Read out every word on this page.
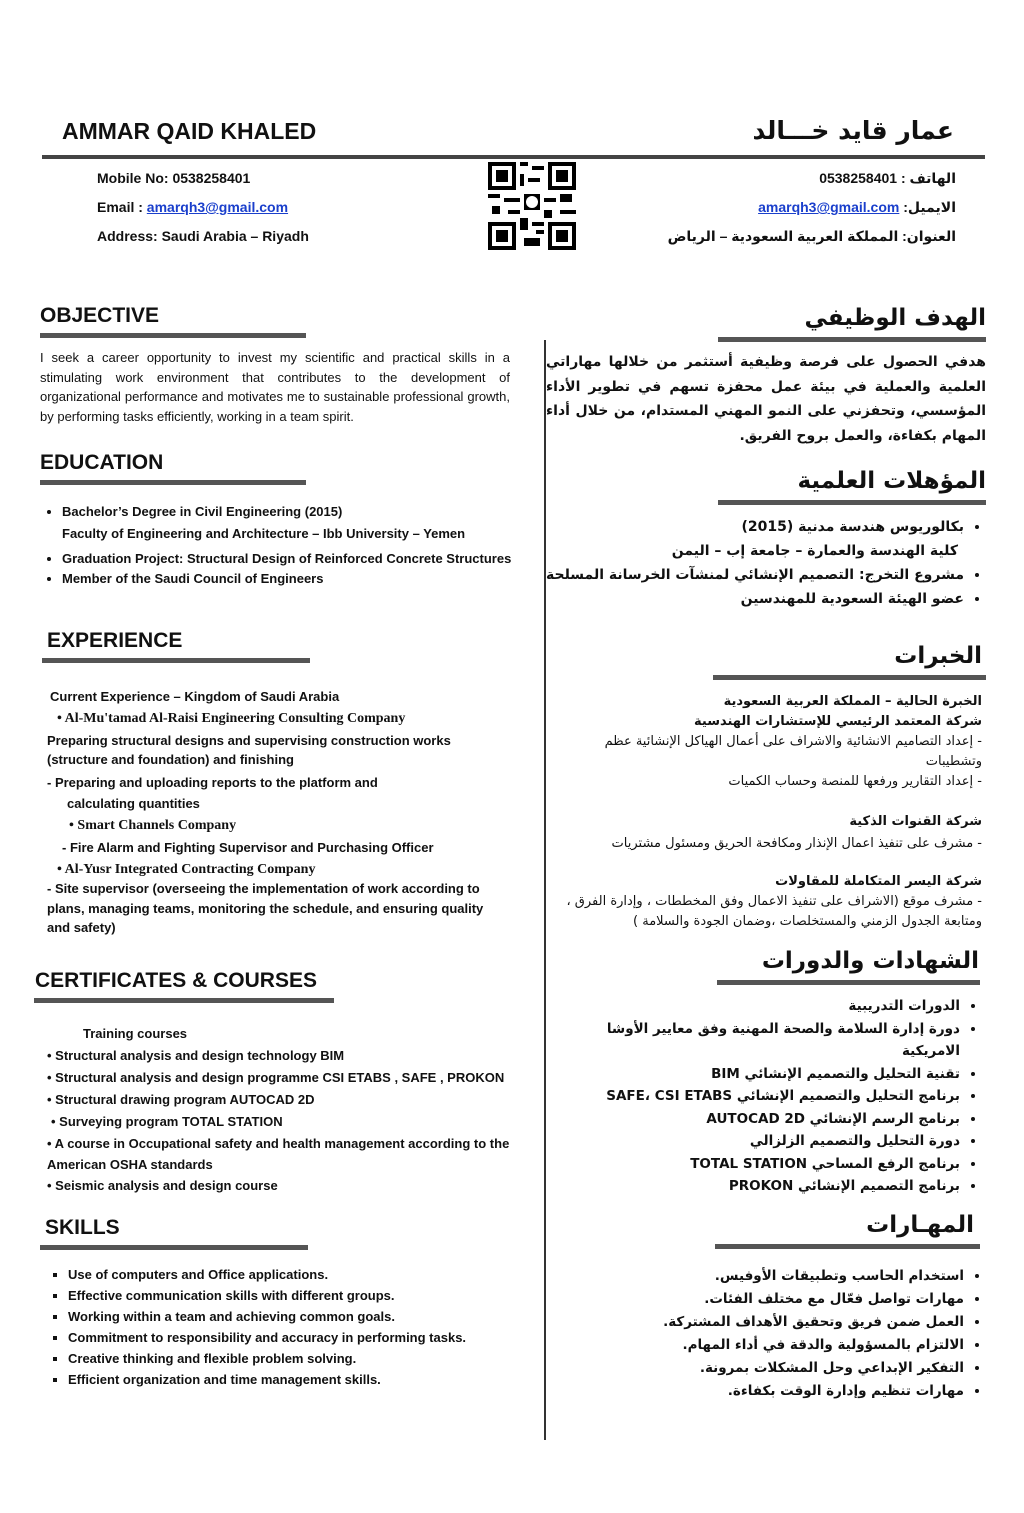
AMMAR QAID KHALED	عمار قايد خـــالد
Mobile No: 0538258401
Email : amarqh3@gmail.com
Address: Saudi Arabia – Riyadh
الهاتف : 0538258401
الايميل: amarqh3@gmail.com
العنوان: المملكة العربية السعودية – الرياض
OBJECTIVE
I seek a career opportunity to invest my scientific and practical skills in a stimulating work environment that contributes to the development of organizational performance and motivates me to sustainable professional growth, by performing tasks efficiently, working in a team spirit.
EDUCATION
• Bachelor’s Degree in Civil Engineering (2015)
Faculty of Engineering and Architecture – Ibb University – Yemen
• Graduation Project: Structural Design of Reinforced Concrete Structures
• Member of the Saudi Council of Engineers
EXPERIENCE
Current Experience – Kingdom of Saudi Arabia
• Al-Mu'tamad Al-Raisi Engineering Consulting Company
Preparing structural designs and supervising construction works (structure and foundation) and finishing
- Preparing and uploading reports to the platform and
calculating quantities
• Smart Channels Company
- Fire Alarm and Fighting Supervisor and Purchasing Officer
• Al-Yusr Integrated Contracting Company
- Site supervisor (overseeing the implementation of work according to plans, managing teams, monitoring the schedule, and ensuring quality and safety)
CERTIFICATES & COURSES
Training courses
• Structural analysis and design technology BIM
• Structural analysis and design programme CSI ETABS , SAFE , PROKON
• Structural drawing program AUTOCAD 2D
• Surveying program TOTAL STATION
• A course in Occupational safety and health management according to the American OSHA standards
• Seismic analysis and design course
SKILLS
▪ Use of computers and Office applications.
▪ Effective communication skills with different groups.
▪ Working within a team and achieving common goals.
▪ Commitment to responsibility and accuracy in performing tasks.
▪ Creative thinking and flexible problem solving.
▪ Efficient organization and time management skills.
الهدف الوظيفي
هدفي الحصول على فرصة وظيفية أستثمر من خلالها مهاراتي العلمية والعملية في بيئة عمل محفزة تسهم في تطوير الأداء المؤسسي، وتحفزني على النمو المهني المستدام، من خلال أداء المهام بكفاءة، والعمل بروح الفريق.
المؤهلات العلمية
• بكالوريوس هندسة مدنية (2015)
كلية الهندسة والعمارة – جامعة إب – اليمن
• مشروع التخرج: التصميم الإنشائي لمنشآت الخرسانة المسلحة
• عضو الهيئة السعودية للمهندسين
الخبرات
الخبرة الحالية – المملكة العربية السعودية
شركة المعتمد الرئيسي للإستشارات الهندسية
- إعداد التصاميم الانشائية والاشراف على أعمال الهياكل الإنشائية عظم وتشطيبات
- إعداد التقارير ورفعها للمنصة وحساب الكميات
شركة القنوات الذكية
- مشرف على تنفيذ اعمال الإنذار ومكافحة الحريق ومسئول مشتريات
شركة اليسر المتكاملة للمقاولات
- مشرف موقع (الاشراف على تنفيذ الاعمال وفق المخططات ، وإدارة الفرق ، ومتابعة الجدول الزمني والمستخلصات ،وضمان الجودة والسلامة )
الشهادات والدورات
• الدورات التدريبية
• دورة إدارة السلامة والصحة المهنية وفق معايير الأوشا الامريكية
• تقنية التحليل والتصميم الإنشائي BIM
• برنامج التحليل والتصميم الإنشائي SAFE، CSI ETABS
• برنامج الرسم الإنشائي AUTOCAD 2D
• دورة التحليل والتصميم الزلزالي
• برنامج الرفع المساحي TOTAL STATION
• برنامج التصميم الإنشائي PROKON
المهـارات
• استخدام الحاسب وتطبيقات الأوفيس.
• مهارات تواصل فعّال مع مختلف الفئات.
• العمل ضمن فريق وتحقيق الأهداف المشتركة.
• الالتزام بالمسؤولية والدقة في أداء المهام.
• التفكير الإبداعي وحل المشكلات بمرونة.
• مهارات تنظيم وإدارة الوقت بكفاءة.
